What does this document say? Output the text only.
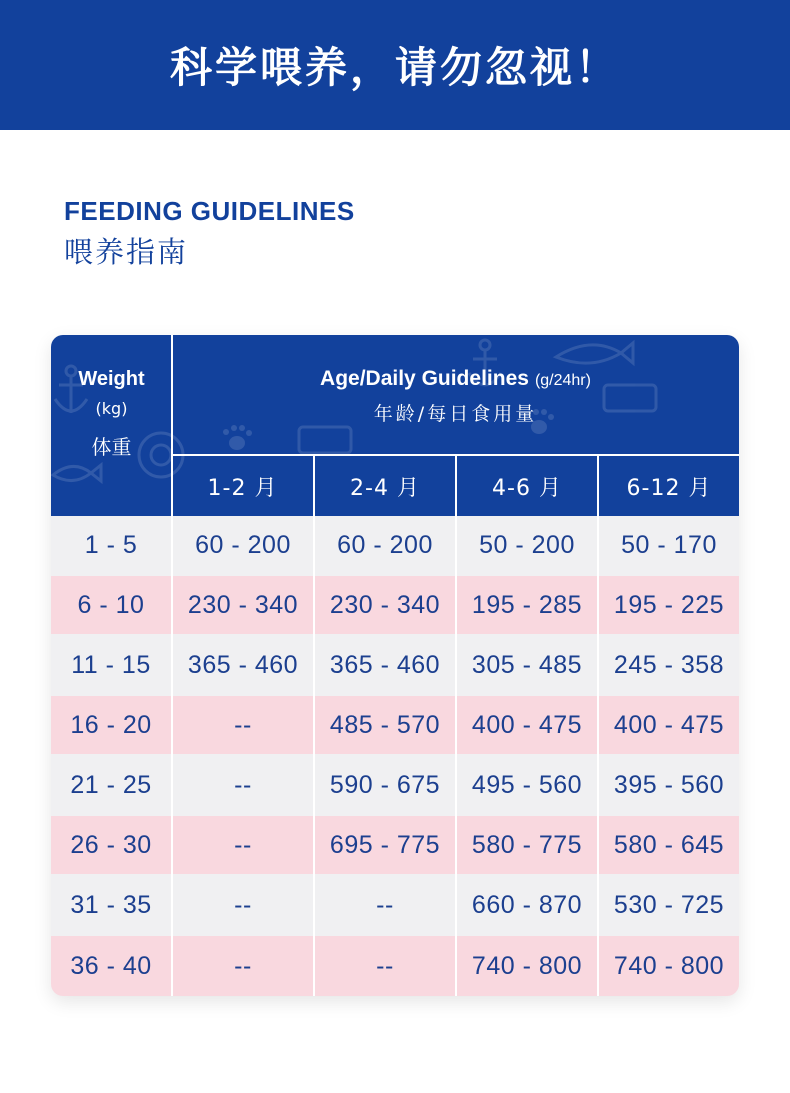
科学喂养，请勿忽视！
FEEDING GUIDELINES
喂养指南
Weight
(kg)
体重
Age/Daily Guidelines (g/24hr)
年龄/每日食用量
1-2 月	2-4 月	4-6 月	6-12 月
1 - 5	60 - 200	60 - 200	50 - 200	50 - 170
6 - 10	230 - 340	230 - 340	195 - 285	195 - 225
11 - 15	365 - 460	365 - 460	305 - 485	245 - 358
16 - 20	--	485 - 570	400 - 475	400 - 475
21 - 25	--	590 - 675	495 - 560	395 - 560
26 - 30	--	695 - 775	580 - 775	580 - 645
31 - 35	--	--	660 - 870	530 - 725
36 - 40	--	--	740 - 800	740 - 800
